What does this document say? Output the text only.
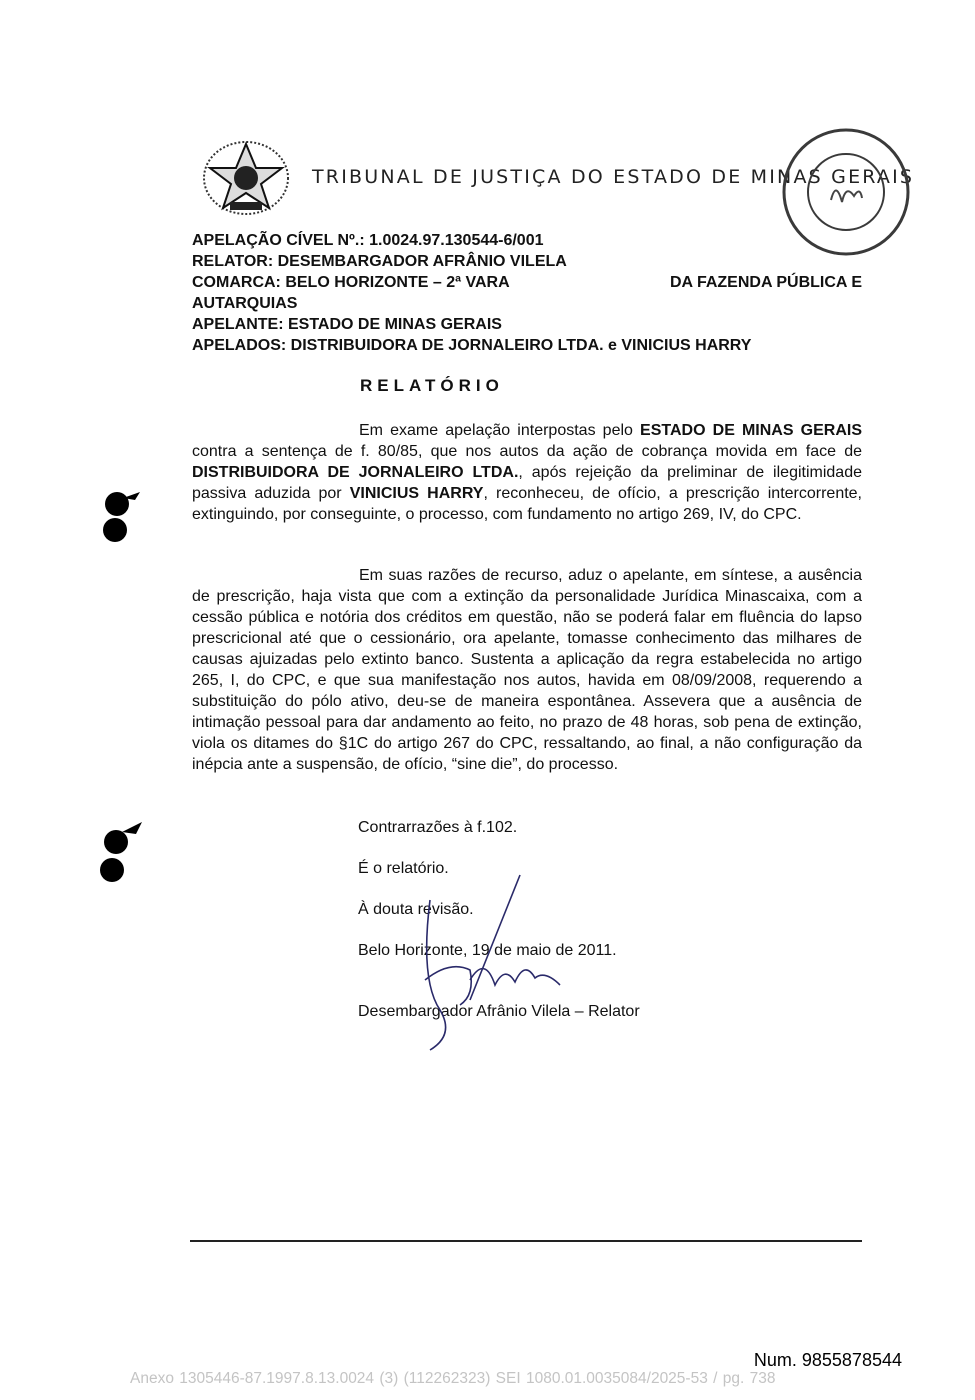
TRIBUNAL DE JUSTIÇA DO ESTADO DE MINAS GERAIS
APELAÇÃO CÍVEL Nº.: 1.0024.97.130544-6/001
RELATOR: DESEMBARGADOR AFRÂNIO VILELA
COMARCA: BELO HORIZONTE – 2ª VARA	DA FAZENDA PÚBLICA E
AUTARQUIAS
APELANTE: ESTADO DE MINAS GERAIS
APELADOS: DISTRIBUIDORA DE JORNALEIRO LTDA. e VINICIUS HARRY
RELATÓRIO
Em exame apelação interpostas pelo ESTADO DE MINAS GERAIS contra a sentença de f. 80/85, que nos autos da ação de cobrança movida em face de DISTRIBUIDORA DE JORNALEIRO LTDA., após rejeição da preliminar de ilegitimidade passiva aduzida por VINICIUS HARRY, reconheceu, de ofício, a prescrição intercorrente, extinguindo, por conseguinte, o processo, com fundamento no artigo 269, IV, do CPC.
Em suas razões de recurso, aduz o apelante, em síntese, a ausência de prescrição, haja vista que com a extinção da personalidade Jurídica Minascaixa, com a cessão pública e notória dos créditos em questão, não se poderá falar em fluência do lapso prescricional até que o cessionário, ora apelante, tomasse conhecimento das milhares de causas ajuizadas pelo extinto banco. Sustenta a aplicação da regra estabelecida no artigo 265, I, do CPC, e que sua manifestação nos autos, havida em 08/09/2008, requerendo a substituição do pólo ativo, deu-se de maneira espontânea. Assevera que a ausência de intimação pessoal para dar andamento ao feito, no prazo de 48 horas, sob pena de extinção, viola os ditames do §1C do artigo 267 do CPC, ressaltando, ao final, a não configuração da inépcia ante a suspensão, de ofício, “sine die”, do processo.
Contrarrazões à f.102.
É o relatório.
À douta revisão.
Belo Horizonte, 19 de maio de 2011.
Desembargador Afrânio Vilela – Relator
Num. 9855878544
Anexo 1305446-87.1997.8.13.0024 (3) (112262323) SEI 1080.01.0035084/2025-53 / pg. 738
